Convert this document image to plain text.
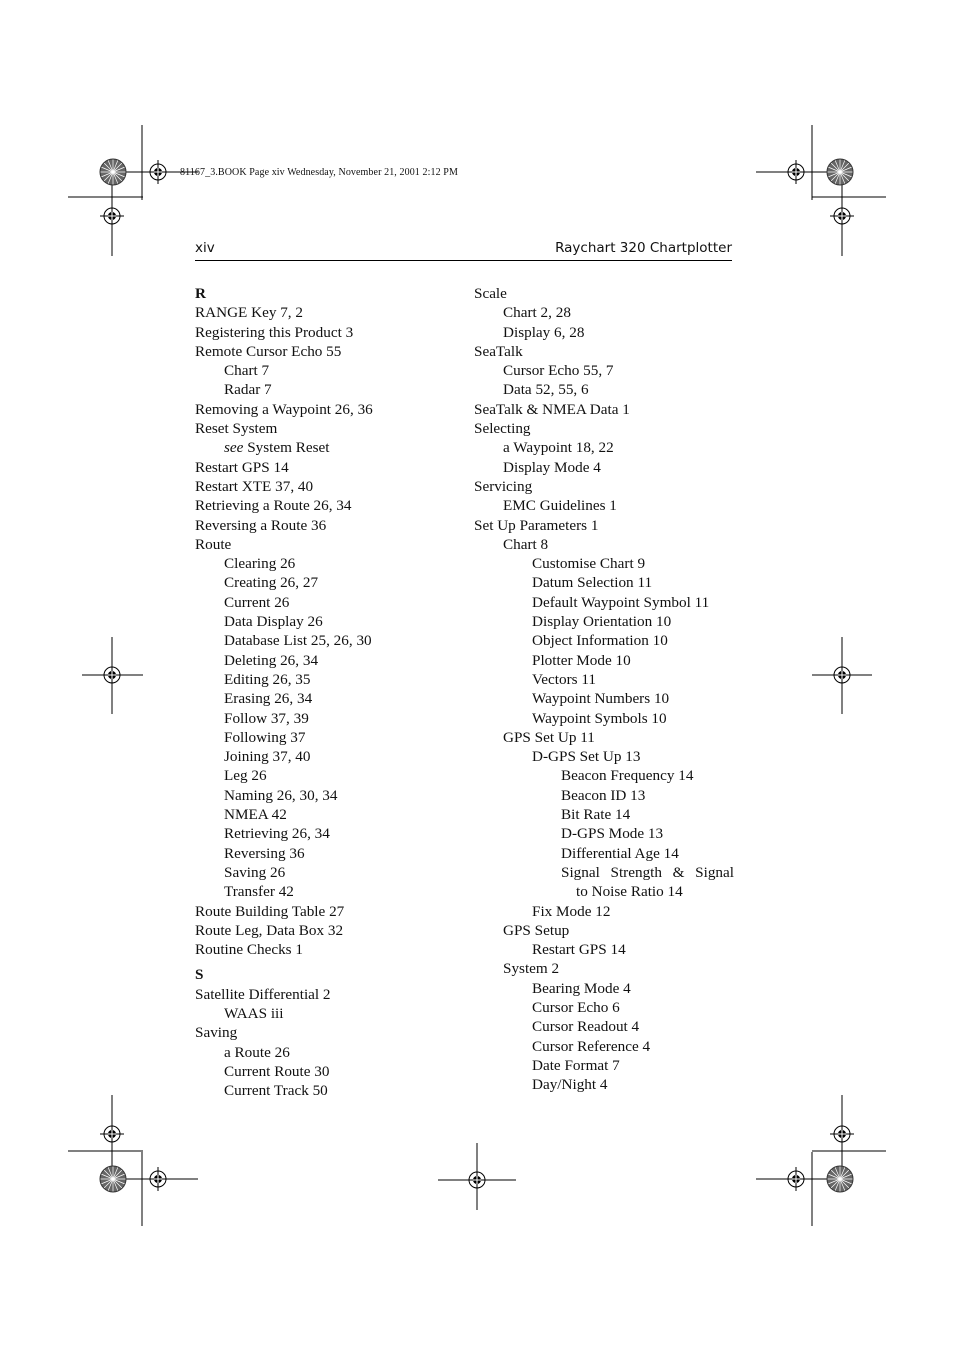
81167_3.BOOK Page xiv Wednesday, November 21, 2001 2:12 PM
xiv	Raychart 320 Chartplotter
R
RANGE Key 7, 2
Registering this Product 3
Remote Cursor Echo 55
Chart 7
Radar 7
Removing a Waypoint 26, 36
Reset System
see System Reset
Restart GPS 14
Restart XTE 37, 40
Retrieving a Route 26, 34
Reversing a Route 36
Route
Clearing 26
Creating 26, 27
Current 26
Data Display 26
Database List 25, 26, 30
Deleting 26, 34
Editing 26, 35
Erasing 26, 34
Follow 37, 39
Following 37
Joining 37, 40
Leg 26
Naming 26, 30, 34
NMEA 42
Retrieving 26, 34
Reversing 36
Saving 26
Transfer 42
Route Building Table 27
Route Leg, Data Box 32
Routine Checks 1
S
Satellite Differential 2
WAAS iii
Saving
a Route 26
Current Route 30
Current Track 50
Scale
Chart 2, 28
Display 6, 28
SeaTalk
Cursor Echo 55, 7
Data 52, 55, 6
SeaTalk & NMEA Data 1
Selecting
a Waypoint 18, 22
Display Mode 4
Servicing
EMC Guidelines 1
Set Up Parameters 1
Chart 8
Customise Chart 9
Datum Selection 11
Default Waypoint Symbol 11
Display Orientation 10
Object Information 10
Plotter Mode 10
Vectors 11
Waypoint Numbers 10
Waypoint Symbols 10
GPS Set Up 11
D-GPS Set Up 13
Beacon Frequency 14
Beacon ID 13
Bit Rate 14
D-GPS Mode 13
Differential Age 14
Signal Strength & Signal
to Noise Ratio 14
Fix Mode 12
GPS Setup
Restart GPS 14
System 2
Bearing Mode 4
Cursor Echo 6
Cursor Readout 4
Cursor Reference 4
Date Format 7
Day/Night 4
